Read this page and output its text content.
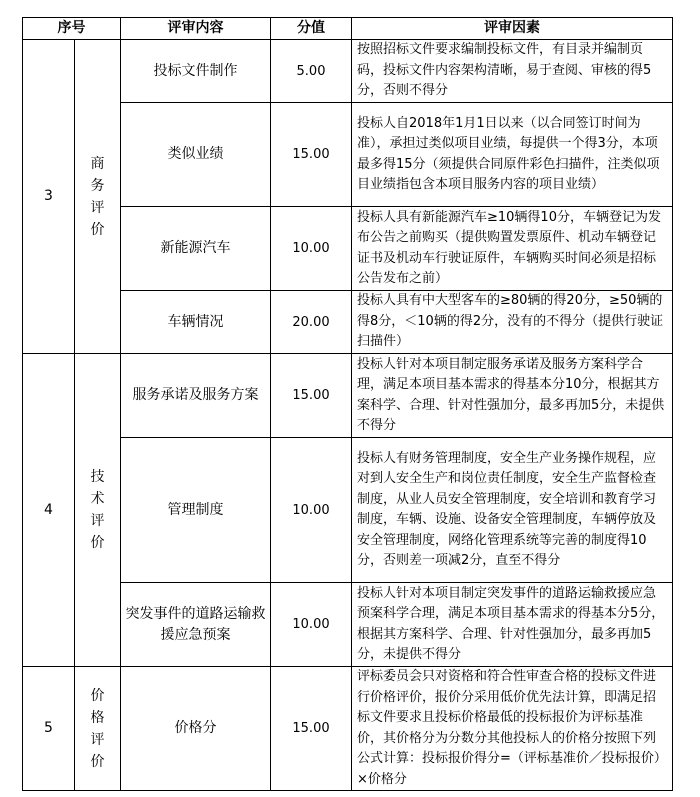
序号		评审内容	分值	评审因素
3	商务评价	投标文件制作	5.00	按照招标文件要求编制投标文件，有目录并编制页码，投标文件内容架构清晰，易于查阅、审核的得5分，否则不得分
		类似业绩	15.00	投标人自2018年1月1日以来（以合同签订时间为准），承担过类似项目业绩，每提供一个得3分，本项最多得15分（须提供合同原件彩色扫描件，注类似项目业绩指包含本项目服务内容的项目业绩）
		新能源汽车	10.00	投标人具有新能源汽车≥10辆得10分，车辆登记为发布公告之前购买（提供购置发票原件、机动车辆登记证书及机动车行驶证原件，车辆购买时间必须是招标公告发布之前）
		车辆情况	20.00	投标人具有中大型客车的≥80辆的得20分，≥50辆的得8分，＜10辆的得2分，没有的不得分（提供行驶证扫描件）
4	技术评价	服务承诺及服务方案	15.00	投标人针对本项目制定服务承诺及服务方案科学合理，满足本项目基本需求的得基本分10分，根据其方案科学、合理、针对性强加分，最多再加5分，未提供不得分
		管理制度	10.00	投标人有财务管理制度，安全生产业务操作规程，应对到人安全生产和岗位责任制度，安全生产监督检查制度，从业人员安全管理制度，安全培训和教育学习制度，车辆、设施、设备安全管理制度，车辆停放及安全管理制度，网络化管理系统等完善的制度得10分，否则差一项减2分，直至不得分
		突发事件的道路运输救援应急预案	10.00	投标人针对本项目制定突发事件的道路运输救援应急预案科学合理，满足本项目基本需求的得基本分5分，根据其方案科学、合理、针对性强加分，最多再加5分，未提供不得分
5	价格评价	价格分	15.00	评标委员会只对资格和符合性审查合格的投标文件进行价格评价，报价分采用低价优先法计算，即满足招标文件要求且投标价格最低的投标报价为评标基准价，其价格分为分数分其他投标人的价格分按照下列公式计算：投标报价得分=（评标基准价／投标报价）×价格分
